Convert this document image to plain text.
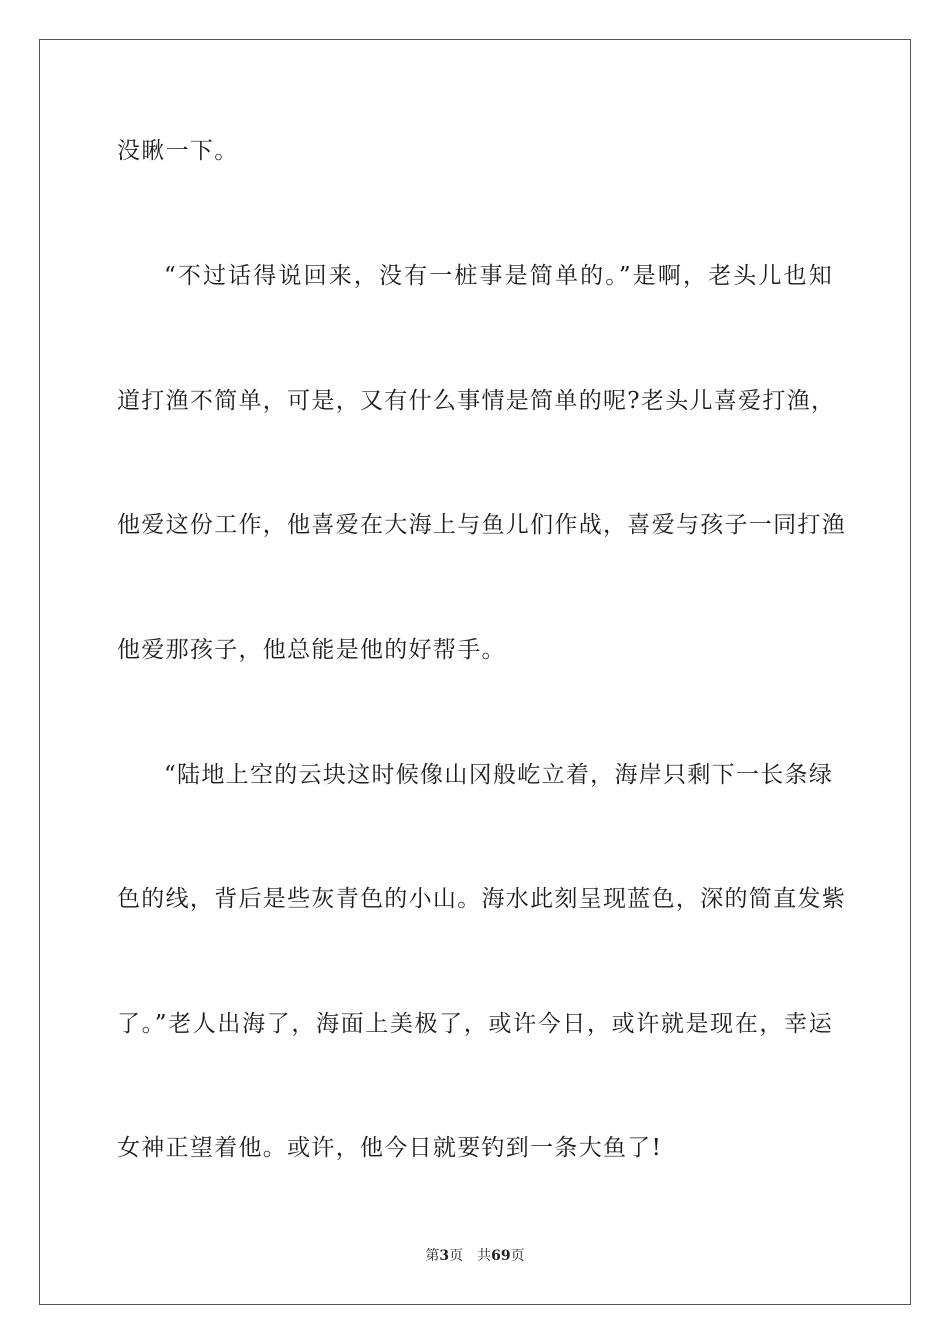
没瞅一下。
“不过话得说回来，没有一桩事是简单的。”是啊，老头儿也知
道打渔不简单，可是，又有什么事情是简单的呢?老头儿喜爱打渔，
他爱这份工作，他喜爱在大海上与鱼儿们作战，喜爱与孩子一同打渔
他爱那孩子，他总能是他的好帮手。
“陆地上空的云块这时候像山冈般屹立着，海岸只剩下一长条绿
色的线，背后是些灰青色的小山。海水此刻呈现蓝色，深的简直发紫
了。”老人出海了，海面上美极了，或许今日，或许就是现在，幸运
女神正望着他。或许，他今日就要钓到一条大鱼了!
第3页 共69页
